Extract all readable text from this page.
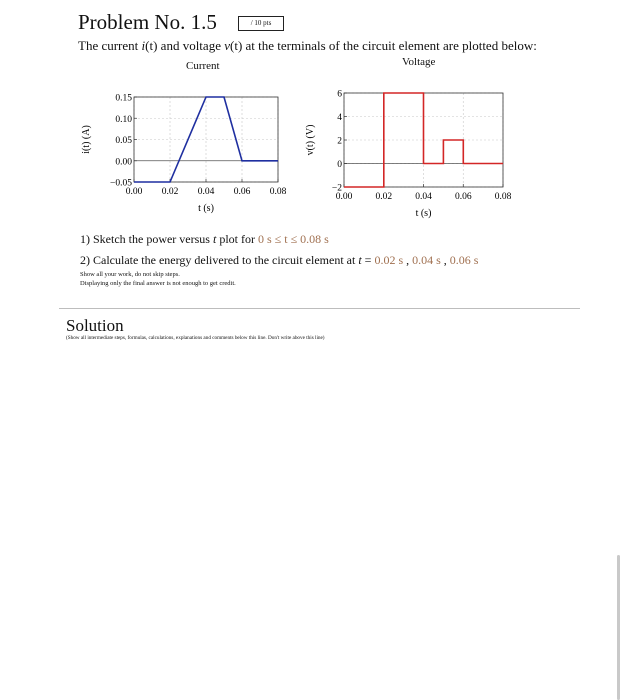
Problem No. 1.5	/ 10 pts
The current i(t) and voltage v(t) at the terminals of the circuit element are plotted below:
Current	Voltage
0.00 0.02 0.04 0.06 0.08
0.15
0.10
0.05
0.00
−0.05
i(t) (A)
t (s)
0.00 0.02 0.04 0.06 0.08
6
4
2
0
−2
v(t) (V)
t (s)
1) Sketch the power versus t plot for 0 s ≤ t ≤ 0.08 s
2) Calculate the energy delivered to the circuit element at t = 0.02 s , 0.04 s , 0.06 s
Show all your work, do not skip steps.
Displaying only the final answer is not enough to get credit.
Solution
(Show all intermediate steps, formulas, calculations, explanations and comments below this line. Don't write above this line)
